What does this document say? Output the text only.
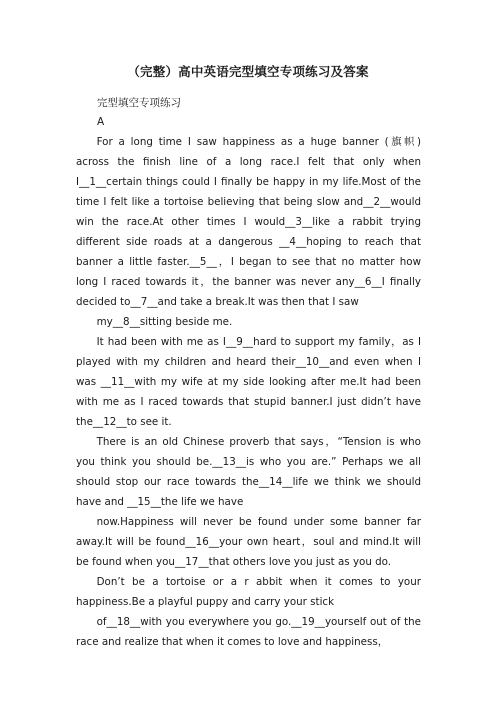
（完整）高中英语完型填空专项练习及答案

完型填空专项练习

A

For a long time I saw happiness as a huge banner (旗帜) across the finish line of a long race.I felt that only when I__1__certain things could I finally be happy in my life.Most of the time I felt like a tortoise believing that being slow and__2__would win the race.At other times I would__3__like a rabbit trying different side roads at a dangerous __4__hoping to reach that banner a little faster.__5__，I began to see that no matter how long I raced towards it，the banner was never any__6__I finally decided to__7__and take a break.It was then that I saw

my__8__sitting beside me.

It had been with me as I__9__hard to support my family，as I played with my children and heard their__10__and even when I was __11__with my wife at my side looking after me.It had been with me as I raced towards that stupid banner.I just didn’t have the__12__to see it.

There is an old Chinese proverb that says，“Tension is who you think you should be.__13__is who you are.” Perhaps we all should stop our race towards the__14__life we think we should have and __15__the life we have

now.Happiness will never be found under some banner far away.It will be found__16__your own heart，soul and mind.It will be found when you__17__that others love you just as you do.

Don’t be a tortoise or a r abbit when it comes to your happiness.Be a playful puppy and carry your stick

of__18__with you everywhere you go.__19__yourself out of the race and realize that when it comes to love and happiness，
